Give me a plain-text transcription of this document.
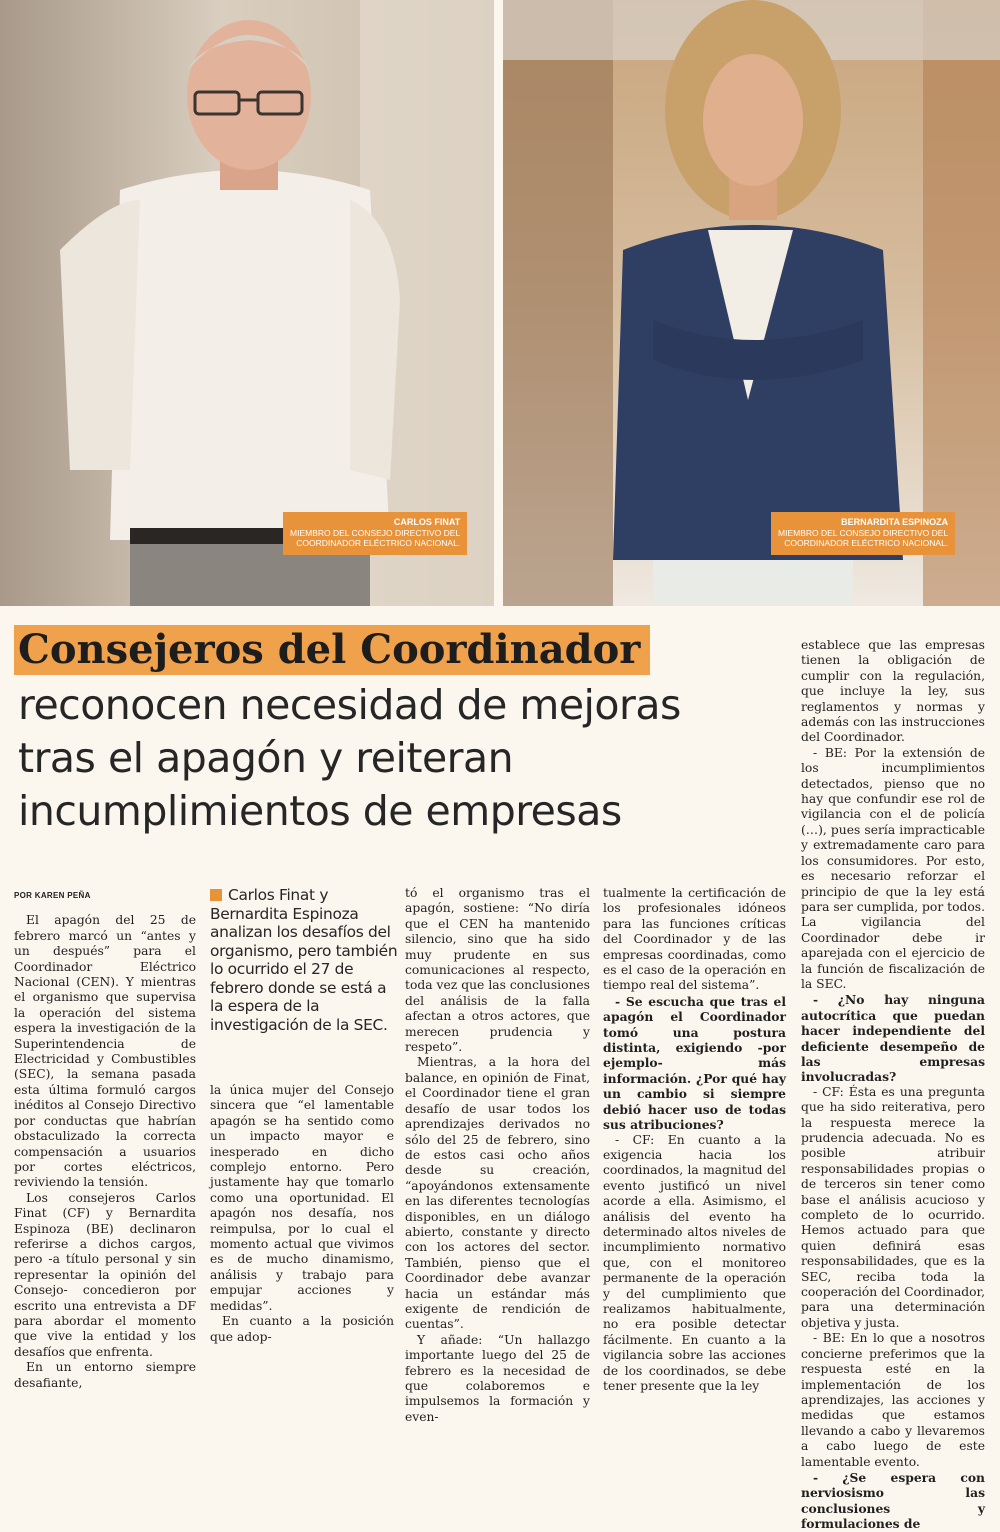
CARLOS FINAT
MIEMBRO DEL CONSEJO DIRECTIVO DEL
COORDINADOR ELÉCTRICO NACIONAL.
BERNARDITA ESPINOZA
MIEMBRO DEL CONSEJO DIRECTIVO DEL
COORDINADOR ELÉCTRICO NACIONAL.
Consejeros del Coordinador
reconocen necesidad de mejoras
tras el apagón y reiteran
incumplimientos de empresas
POR KAREN PEÑA

El apagón del 25 de febrero marcó un “antes y un después” para el Coordinador Eléctrico Nacional (CEN). Y mientras el organismo que supervisa la operación del sistema espera la investigación de la Superintendencia de Electricidad y Combustibles (SEC), la semana pasada esta última formuló cargos inéditos al Consejo Directivo por conductas que habrían obstaculizado la correcta compensación a usuarios por cortes eléctricos, reviviendo la tensión.

Los consejeros Carlos Finat (CF) y Bernardita Espinoza (BE) declinaron referirse a dichos cargos, pero -a título personal y sin representar la opinión del Consejo- concedieron por escrito una entrevista a DF para abordar el momento que vive la entidad y los desafíos que enfrenta.

En un entorno siempre desafiante,

Carlos Finat y Bernardita Espinoza analizan los desafíos del organismo, pero también lo ocurrido el 27 de febrero donde se está a la espera de la investigación de la SEC.

la única mujer del Consejo sincera que “el lamentable apagón se ha sentido como un impacto mayor e inesperado en dicho complejo entorno. Pero justamente hay que tomarlo como una oportunidad. El apagón nos desafía, nos reimpulsa, por lo cual el momento actual que vivimos es de mucho dinamismo, análisis y trabajo para empujar acciones y medidas”.

En cuanto a la posición que adop-

tó el organismo tras el apagón, sostiene: “No diría que el CEN ha mantenido silencio, sino que ha sido muy prudente en sus comunicaciones al respecto, toda vez que las conclusiones del análisis de la falla afectan a otros actores, que merecen prudencia y respeto”.

Mientras, a la hora del balance, en opinión de Finat, el Coordinador tiene el gran desafío de usar todos los aprendizajes derivados no sólo del 25 de febrero, sino de estos casi ocho años desde su creación, “apoyándonos extensamente en las diferentes tecnologías disponibles, en un diálogo abierto, constante y directo con los actores del sector. También, pienso que el Coordinador debe avanzar hacia un estándar más exigente de rendición de cuentas”.

Y añade: “Un hallazgo importante luego del 25 de febrero es la necesidad de que colaboremos e impulsemos la formación y even-

tualmente la certificación de los profesionales idóneos para las funciones críticas del Coordinador y de las empresas coordinadas, como es el caso de la operación en tiempo real del sistema”.

- Se escucha que tras el apagón el Coordinador tomó una postura distinta, exigiendo -por ejemplo- más información. ¿Por qué hay un cambio si siempre debió hacer uso de todas sus atribuciones?

- CF: En cuanto a la exigencia hacia los coordinados, la magnitud del evento justificó un nivel acorde a ella. Asimismo, el análisis del evento ha determinado altos niveles de incumplimiento normativo que, con el monitoreo permanente de la operación y del cumplimiento que realizamos habitualmente, no era posible detectar fácilmente. En cuanto a la vigilancia sobre las acciones de los coordinados, se debe tener presente que la ley

establece que las empresas tienen la obligación de cumplir con la regulación, que incluye la ley, sus reglamentos y normas y además con las instrucciones del Coordinador.

- BE: Por la extensión de los incumplimientos detectados, pienso que no hay que confundir ese rol de vigilancia con el de policía (…), pues sería impracticable y extremadamente caro para los consumidores. Por esto, es necesario reforzar el principio de que la ley está para ser cumplida, por todos. La vigilancia del Coordinador debe ir aparejada con el ejercicio de la función de fiscalización de la SEC.

- ¿No hay ninguna autocrítica que puedan hacer independiente del deficiente desempeño de las empresas involucradas?

- CF: Ésta es una pregunta que ha sido reiterativa, pero la respuesta merece la prudencia adecuada. No es posible atribuir responsabilidades propias o de terceros sin tener como base el análisis acucioso y completo de lo ocurrido. Hemos actuado para que quien definirá esas responsabilidades, que es la SEC, reciba toda la cooperación del Coordinador, para una determinación objetiva y justa.

- BE: En lo que a nosotros concierne preferimos que la respuesta esté en la implementación de los aprendizajes, las acciones y medidas que estamos llevando a cabo y llevaremos a cabo luego de este lamentable evento.

- ¿Se espera con nerviosismo las conclusiones y formulaciones de
